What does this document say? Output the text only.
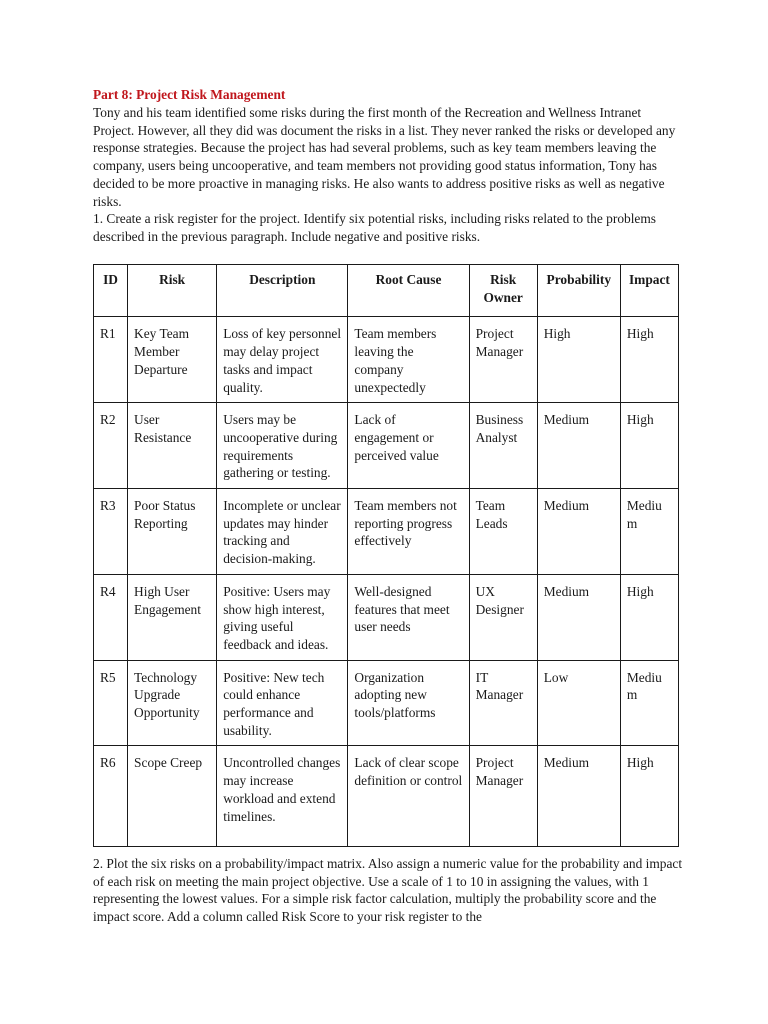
Part 8: Project Risk Management

Tony and his team identified some risks during the first month of the Recreation and Wellness Intranet Project. However, all they did was document the risks in a list. They never ranked the risks or developed any response strategies. Because the project has had several problems, such as key team members leaving the company, users being uncooperative, and team members not providing good status information, Tony has decided to be more proactive in managing risks. He also wants to address positive risks as well as negative risks.

1. Create a risk register for the project. Identify six potential risks, including risks related to the problems described in the previous paragraph. Include negative and positive risks.

ID	Risk	Description	Root Cause	Risk Owner	Probability	Impact
R1	Key Team Member Departure	Loss of key personnel may delay project tasks and impact quality.	Team members leaving the company unexpectedly	Project Manager	High	High
R2	User Resistance	Users may be uncooperative during requirements gathering or testing.	Lack of engagement or perceived value	Business Analyst	Medium	High
R3	Poor Status Reporting	Incomplete or unclear updates may hinder tracking and decision-making.	Team members not reporting progress effectively	Team Leads	Medium	Medium
R4	High User Engagement	Positive: Users may show high interest, giving useful feedback and ideas.	Well-designed features that meet user needs	UX Designer	Medium	High
R5	Technology Upgrade Opportunity	Positive: New tech could enhance performance and usability.	Organization adopting new tools/platforms	IT Manager	Low	Medium
R6	Scope Creep	Uncontrolled changes may increase workload and extend timelines.	Lack of clear scope definition or control	Project Manager	Medium	High

2. Plot the six risks on a probability/impact matrix. Also assign a numeric value for the probability and impact of each risk on meeting the main project objective. Use a scale of 1 to 10 in assigning the values, with 1 representing the lowest values. For a simple risk factor calculation, multiply the probability score and the impact score. Add a column called Risk Score to your risk register to the
